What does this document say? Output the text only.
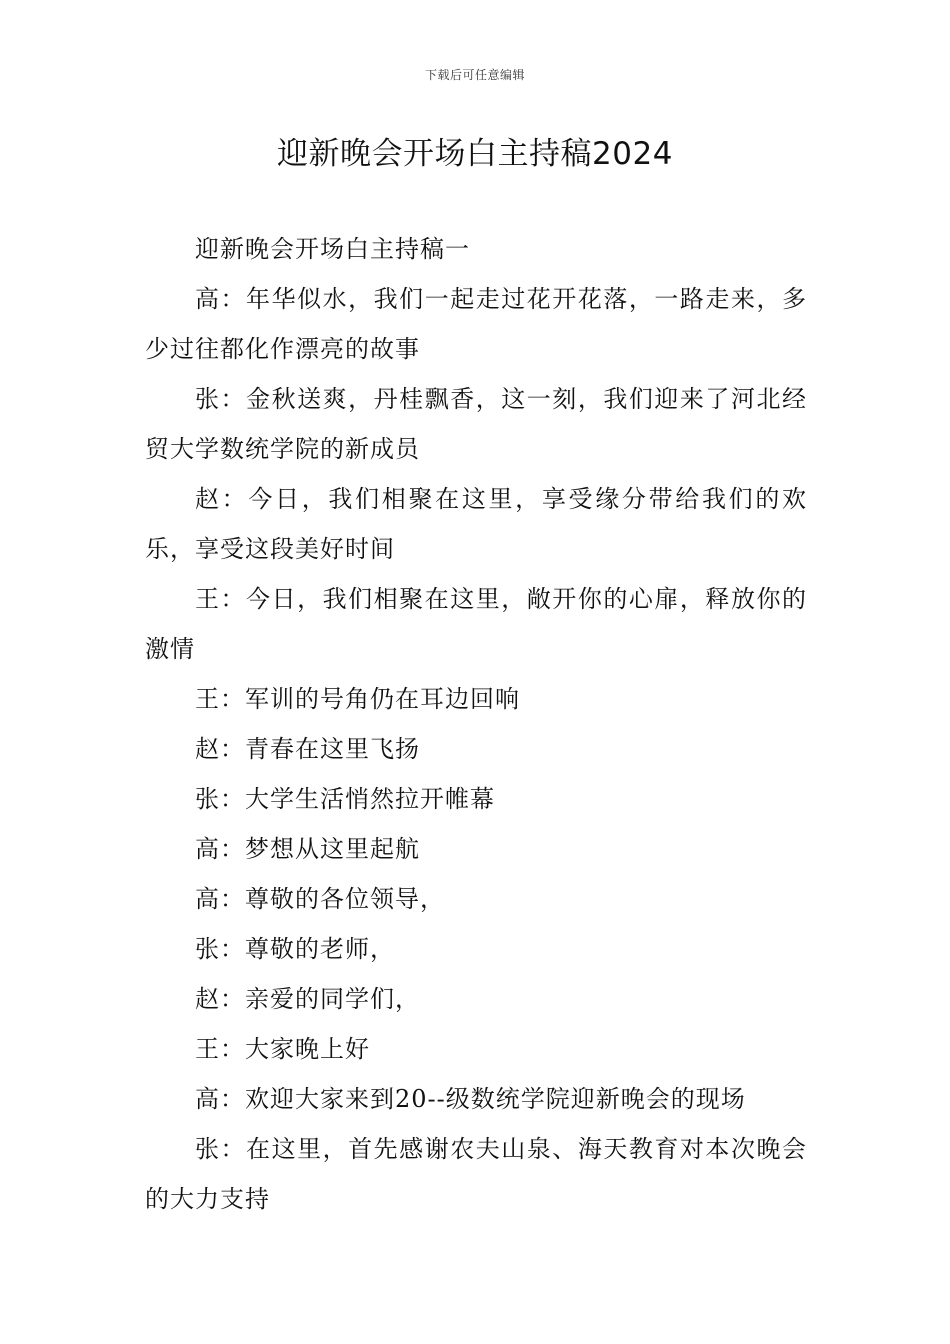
下载后可任意编辑
迎新晚会开场白主持稿2024

迎新晚会开场白主持稿一

高：年华似水，我们一起走过花开花落，一路走来，多少过往都化作漂亮的故事

张：金秋送爽，丹桂飘香，这一刻，我们迎来了河北经贸大学数统学院的新成员

赵：今日，我们相聚在这里，享受缘分带给我们的欢乐，享受这段美好时间

王：今日，我们相聚在这里，敞开你的心扉，释放你的激情

王：军训的号角仍在耳边回响

赵：青春在这里飞扬

张：大学生活悄然拉开帷幕

高：梦想从这里起航

高：尊敬的各位领导，

张：尊敬的老师，

赵：亲爱的同学们，

王：大家晚上好

高：欢迎大家来到20--级数统学院迎新晚会的现场

张：在这里，首先感谢农夫山泉、海天教育对本次晚会的大力支持
